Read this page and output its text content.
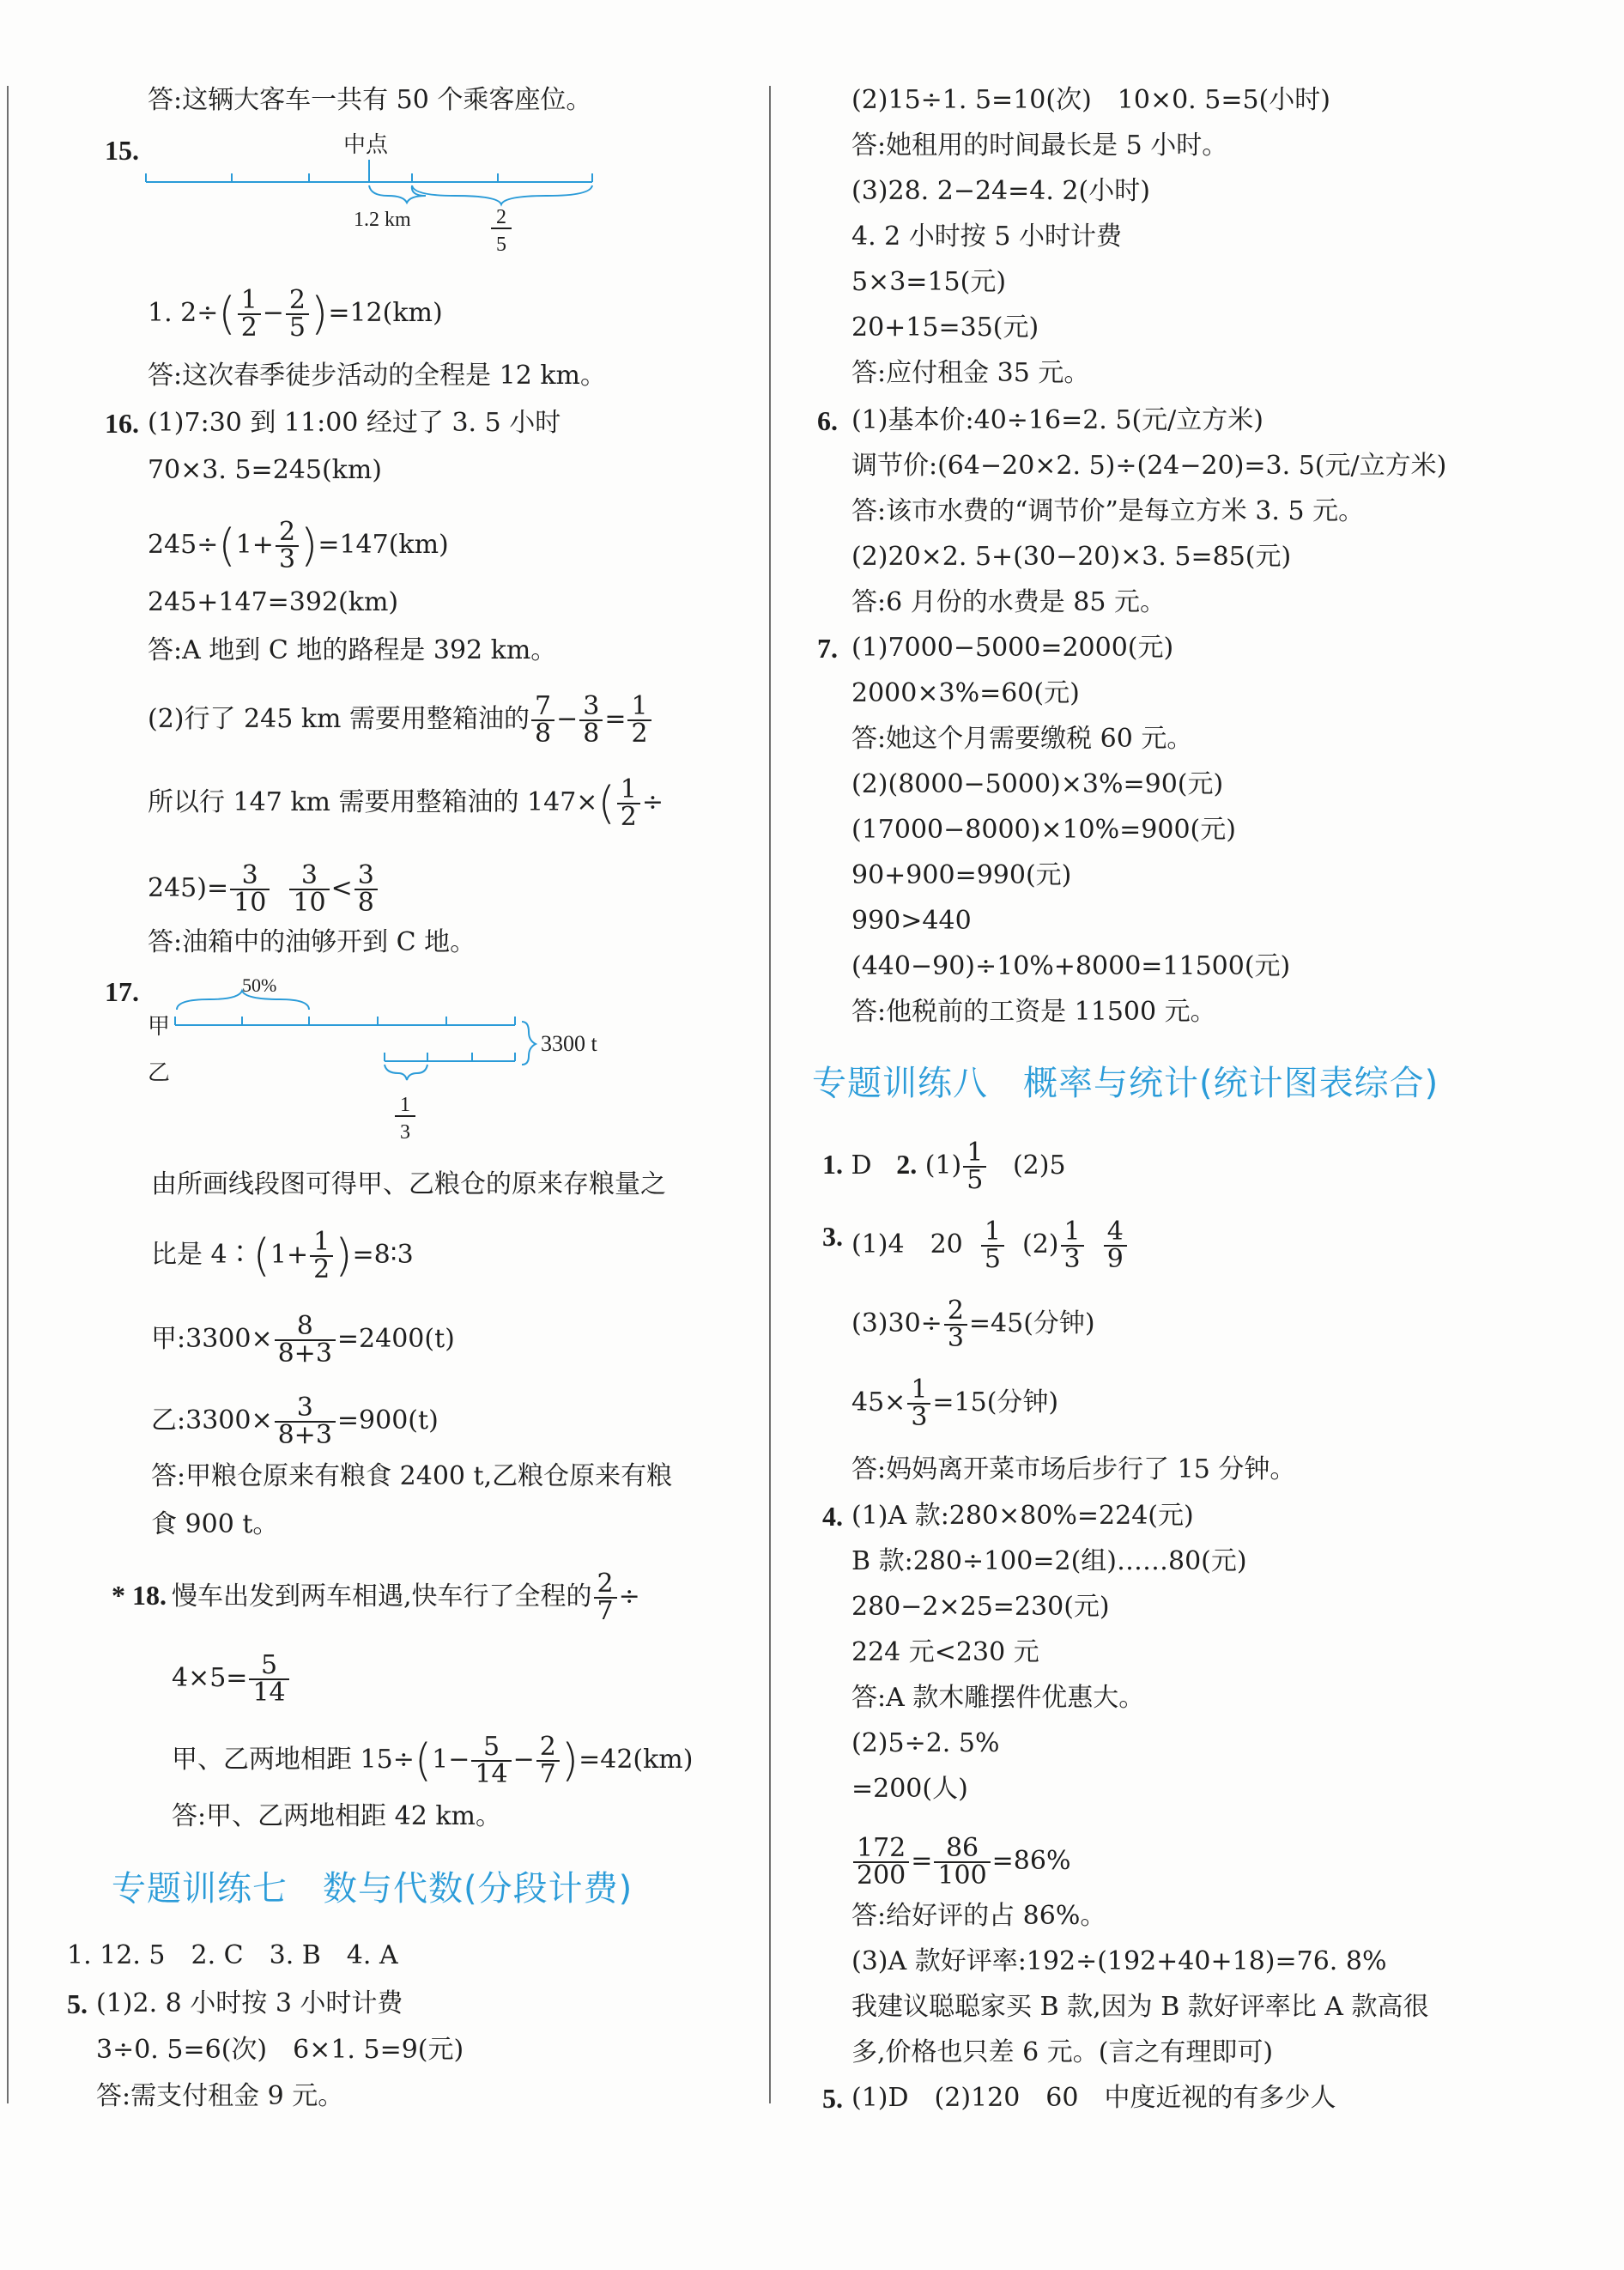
答:这辆大客车一共有 50 个乘客座位。
15.	中点
1.2 km	2
5
1. $2\div( \frac{1}{2} - \frac{2}{5} )=12(km)$
答:这次春季徒步活动的全程是 12 km。
16. (1)7:30 到 11:00 经过了 3. 5 小时
70×3. 5=245(km)
$245\div(1+ \frac{2}{3} )=147(km)$
245+147=392(km)
答:A 地到 C 地的路程是 392 km。
(2)行了 245 km 需要用整箱油的 $\frac{7}{8} - \frac{3}{8} = \frac{1}{2}$
所以行 147 km 需要用整箱油的 $147\times( \frac{1}{2}$ ÷
$245)= \frac{3}{10}$
$\frac{3}{10} < \frac{3}{8}$
答:油箱中的油够开到 C 地。
17.	50%
甲
乙
3300 t
1
3
由所画线段图可得甲、乙粮仓的原来存粮量之
比是 4∶(1+ $\frac{1}{2}$ )=8∶3
甲:3300× $\frac{8}{8+3} =2400(t)$
乙:3300× $\frac{3}{8+3} =900(t)$
答:甲粮仓原来有粮食 2400 t,乙粮仓原来有粮
食 900 t。
* 18. 慢车出发到两车相遇,快车行了全程的 $\frac{2}{7}$ ÷
$4\times 5= \frac{5}{14}$
甲、乙两地相距 $15\div(1- \frac{5}{14} - \frac{2}{7} )=42(km)$
答:甲、乙两地相距 42 km。
专题训练七　数与代数(分段计费)
1. 12. 5　2. C　3. B　4. A
5. (1)2. 8 小时按 3 小时计费
3÷0. 5=6(次)　6×1. 5=9(元)
答:需支付租金 9 元。
(2)15÷1. 5=10(次)　10×0. 5=5(小时)
答:她租用的时间最长是 5 小时。
(3)28. 2−24=4. 2(小时)
4. 2 小时按 5 小时计费
5×3=15(元)
20+15=35(元)
答:应付租金 35 元。
6. (1)基本价:40÷16=2. 5(元/立方米)
调节价:(64−20×2. 5)÷(24−20)=3. 5(元/立方米)
答:该市水费的“调节价”是每立方米 3. 5 元。
(2)20×2. 5+(30−20)×3. 5=85(元)
答:6 月份的水费是 85 元。
7. (1)7000−5000=2000(元)
2000×3%=60(元)
答:她这个月需要缴税 60 元。
(2)(8000−5000)×3%=90(元)
(17000−8000)×10%=900(元)
90+900=990(元)
990>440
(440−90)÷10%+8000=11500(元)
答:他税前的工资是 11500 元。
专题训练八　概率与统计(统计图表综合)
1. D 2. $(1) \frac{1}{5} (2)5$
3. (1)4　$20 \frac{1}{5} (2) \frac{1}{3}$
$\frac{4}{9}$
$(3)30\div \frac{2}{3} =45$(分钟)
$45\times \frac{1}{3} =15$(分钟)
答:妈妈离开菜市场后步行了 15 分钟。
4. (1)A 款:280×80%=224(元)
B 款:280÷100=2(组)……80(元)
280−2×25=230(元)
224 元<230 元
答:A 款木雕摆件优惠大。
(2)5÷2. 5%
=200(人)
$\frac{172}{200} = \frac{86}{100} =86\%$
答:给好评的占 86%。
(3)A 款好评率:192÷(192+40+18)=76. 8%
我建议聪聪家买 B 款,因为 B 款好评率比 A 款高很
多,价格也只差 6 元。(言之有理即可)
5. (1)D　(2)120　60　中度近视的有多少人
